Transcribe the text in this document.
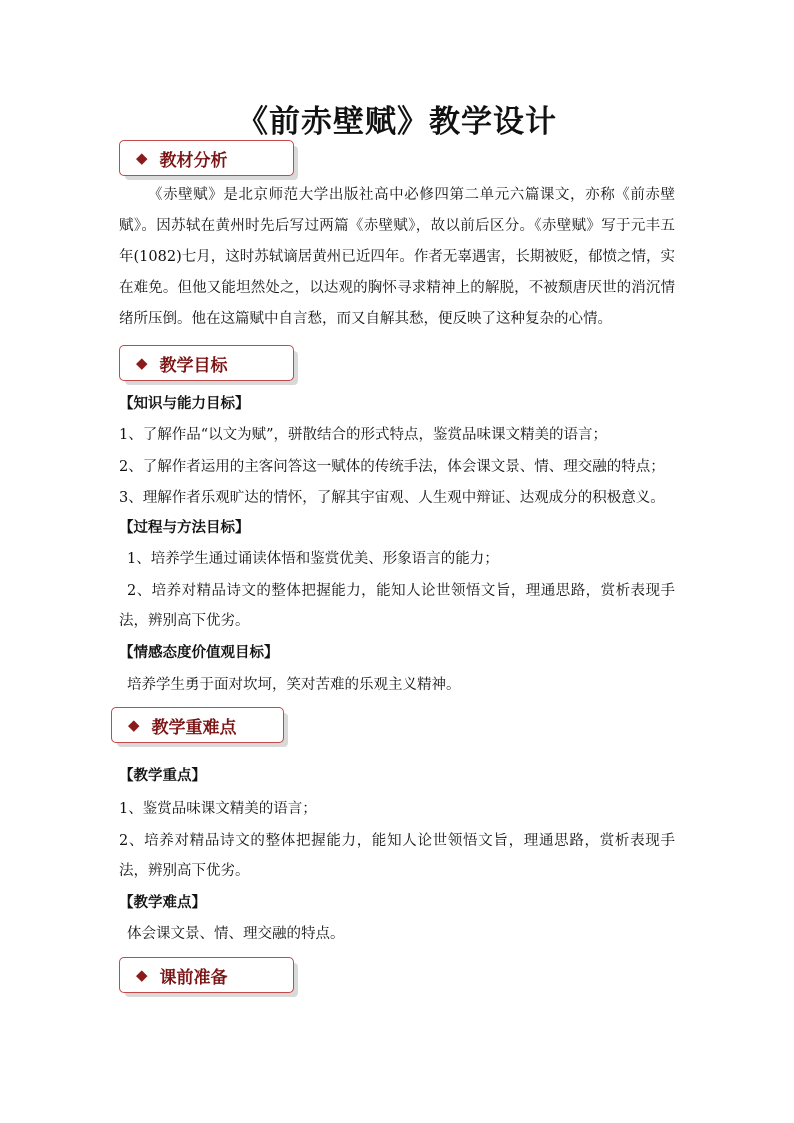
《前赤壁赋》教学设计
◆ 教材分析

《赤壁赋》是北京师范大学出版社高中必修四第二单元六篇课文，亦称《前赤壁赋》。因苏轼在黄州时先后写过两篇《赤壁赋》，故以前后区分。《赤壁赋》写于元丰五年(1082)七月，这时苏轼谪居黄州已近四年。作者无辜遇害，长期被贬，郁愤之情，实在难免。但他又能坦然处之，以达观的胸怀寻求精神上的解脱，不被颓唐厌世的消沉情绪所压倒。他在这篇赋中自言愁，而又自解其愁，便反映了这种复杂的心情。

◆ 教学目标
【知识与能力目标】
1、了解作品“以文为赋”，骈散结合的形式特点，鉴赏品味课文精美的语言；
2、了解作者运用的主客问答这一赋体的传统手法，体会课文景、情、理交融的特点；
3、理解作者乐观旷达的情怀，了解其宇宙观、人生观中辩证、达观成分的积极意义。
【过程与方法目标】
1、培养学生通过诵读体悟和鉴赏优美、形象语言的能力；
2、培养对精品诗文的整体把握能力，能知人论世领悟文旨，理通思路，赏析表现手法，辨别高下优劣。
【情感态度价值观目标】
培养学生勇于面对坎坷，笑对苦难的乐观主义精神。
◆ 教学重难点
【教学重点】
1、鉴赏品味课文精美的语言；
2、培养对精品诗文的整体把握能力，能知人论世领悟文旨，理通思路，赏析表现手法，辨别高下优劣。
【教学难点】
体会课文景、情、理交融的特点。
◆ 课前准备
